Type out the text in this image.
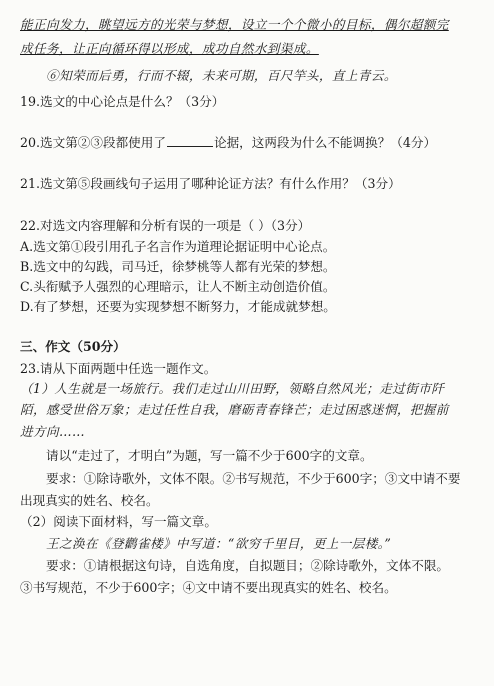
能正向发力，眺望远方的光荣与梦想，设立一个个微小的目标，偶尔超额完
成任务，让正向循环得以形成，成功自然水到渠成。
⑥知荣而后勇，行而不辍，未来可期，百尺竿头，直上青云。
19.选文的中心论点是什么？（3分）
20.选文第②③段都使用了	论据，这两段为什么不能调换？（4分）
21.选文第⑤段画线句子运用了哪种论证方法？有什么作用？（3分）
22.对选文内容理解和分析有误的一项是（ ）（3分）
A.选文第①段引用孔子名言作为道理论据证明中心论点。
B.选文中的勾践，司马迁，徐梦桃等人都有光荣的梦想。
C.头衔赋予人强烈的心理暗示，让人不断主动创造价值。
D.有了梦想，还要为实现梦想不断努力，才能成就梦想。
三、作文（50分）
23.请从下面两题中任选一题作文。
（1）人生就是一场旅行。我们走过山川田野，领略自然风光；走过街市阡
陌，感受世俗万象；走过任性自我，磨砺青春锋芒；走过困惑迷惘，把握前
进方向……
请以“走过了，才明白”为题，写一篇不少于600字的文章。
要求：①除诗歌外，文体不限。②书写规范，不少于600字；③文中请不要
出现真实的姓名、校名。
（2）阅读下面材料，写一篇文章。
王之涣在《登鹳雀楼》中写道：“欲穷千里目，更上一层楼。”
要求：①请根据这句诗，自选角度，自拟题目；②除诗歌外，文体不限。
③书写规范，不少于600字；④文中请不要出现真实的姓名、校名。
